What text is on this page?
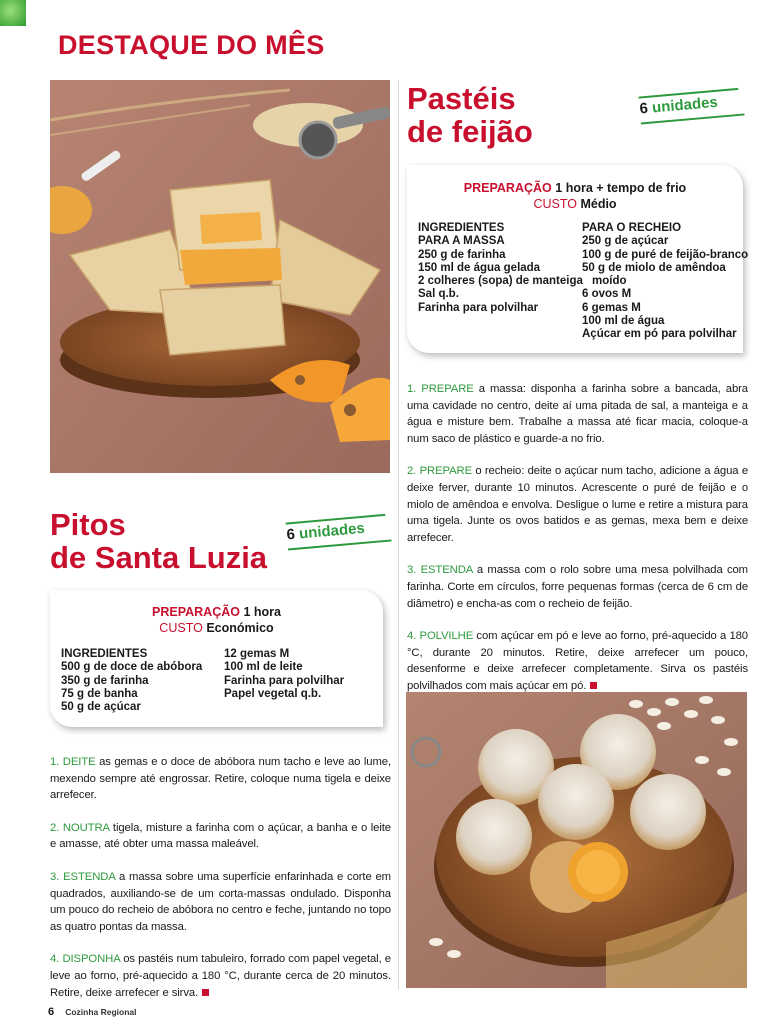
DESTAQUE DO MÊS
Pastéis
de feijão
6 unidades
PREPARAÇÃO 1 hora + tempo de frio
CUSTO Médio
INGREDIENTES
PARA A MASSA
250 g de farinha
150 ml de água gelada
2 colheres (sopa) de manteiga
Sal q.b.
Farinha para polvilhar
PARA O RECHEIO
250 g de açúcar
100 g de puré de feijão-branco
50 g de miolo de amêndoa
moído
6 ovos M
6 gemas M
100 ml de água
Açúcar em pó para polvilhar

1. PREPARE a massa: disponha a farinha sobre a bancada, abra uma cavidade no centro, deite aí uma pitada de sal, a manteiga e a água e misture bem. Trabalhe a massa até ficar macia, coloque-a num saco de plástico e guarde-a no frio.

2. PREPARE o recheio: deite o açúcar num tacho, adicione a água e deixe ferver, durante 10 minutos. Acrescente o puré de feijão e o miolo de amêndoa e envolva. Desligue o lume e retire a mistura para uma tigela. Junte os ovos batidos e as gemas, mexa bem e deixe arrefecer.

3. ESTENDA a massa com o rolo sobre uma mesa polvilhada com farinha. Corte em círculos, forre pequenas formas (cerca de 6 cm de diâmetro) e encha-as com o recheio de feijão.

4. POLVILHE com açúcar em pó e leve ao forno, pré-aquecido a 180 °C, durante 20 minutos. Retire, deixe arrefecer um pouco, desenforme e deixe arrefecer completamente. Sirva os pastéis polvilhados com mais açúcar em pó.

Pitos
de Santa Luzia
6 unidades
PREPARAÇÃO 1 hora
CUSTO Económico
INGREDIENTES
500 g de doce de abóbora
350 g de farinha
75 g de banha
50 g de açúcar
12 gemas M
100 ml de leite
Farinha para polvilhar
Papel vegetal q.b.

1. DEITE as gemas e o doce de abóbora num tacho e leve ao lume, mexendo sempre até engrossar. Retire, coloque numa tigela e deixe arrefecer.

2. NOUTRA tigela, misture a farinha com o açúcar, a banha e o leite e amasse, até obter uma massa maleável.

3. ESTENDA a massa sobre uma superfície enfarinhada e corte em quadrados, auxiliando-se de um corta-massas ondulado. Disponha um pouco do recheio de abóbora no centro e feche, juntando no topo as quatro pontas da massa.

4. DISPONHA os pastéis num tabuleiro, forrado com papel vegetal, e leve ao forno, pré-aquecido a 180 °C, durante cerca de 20 minutos. Retire, deixe arrefecer e sirva.

6 Cozinha Regional
